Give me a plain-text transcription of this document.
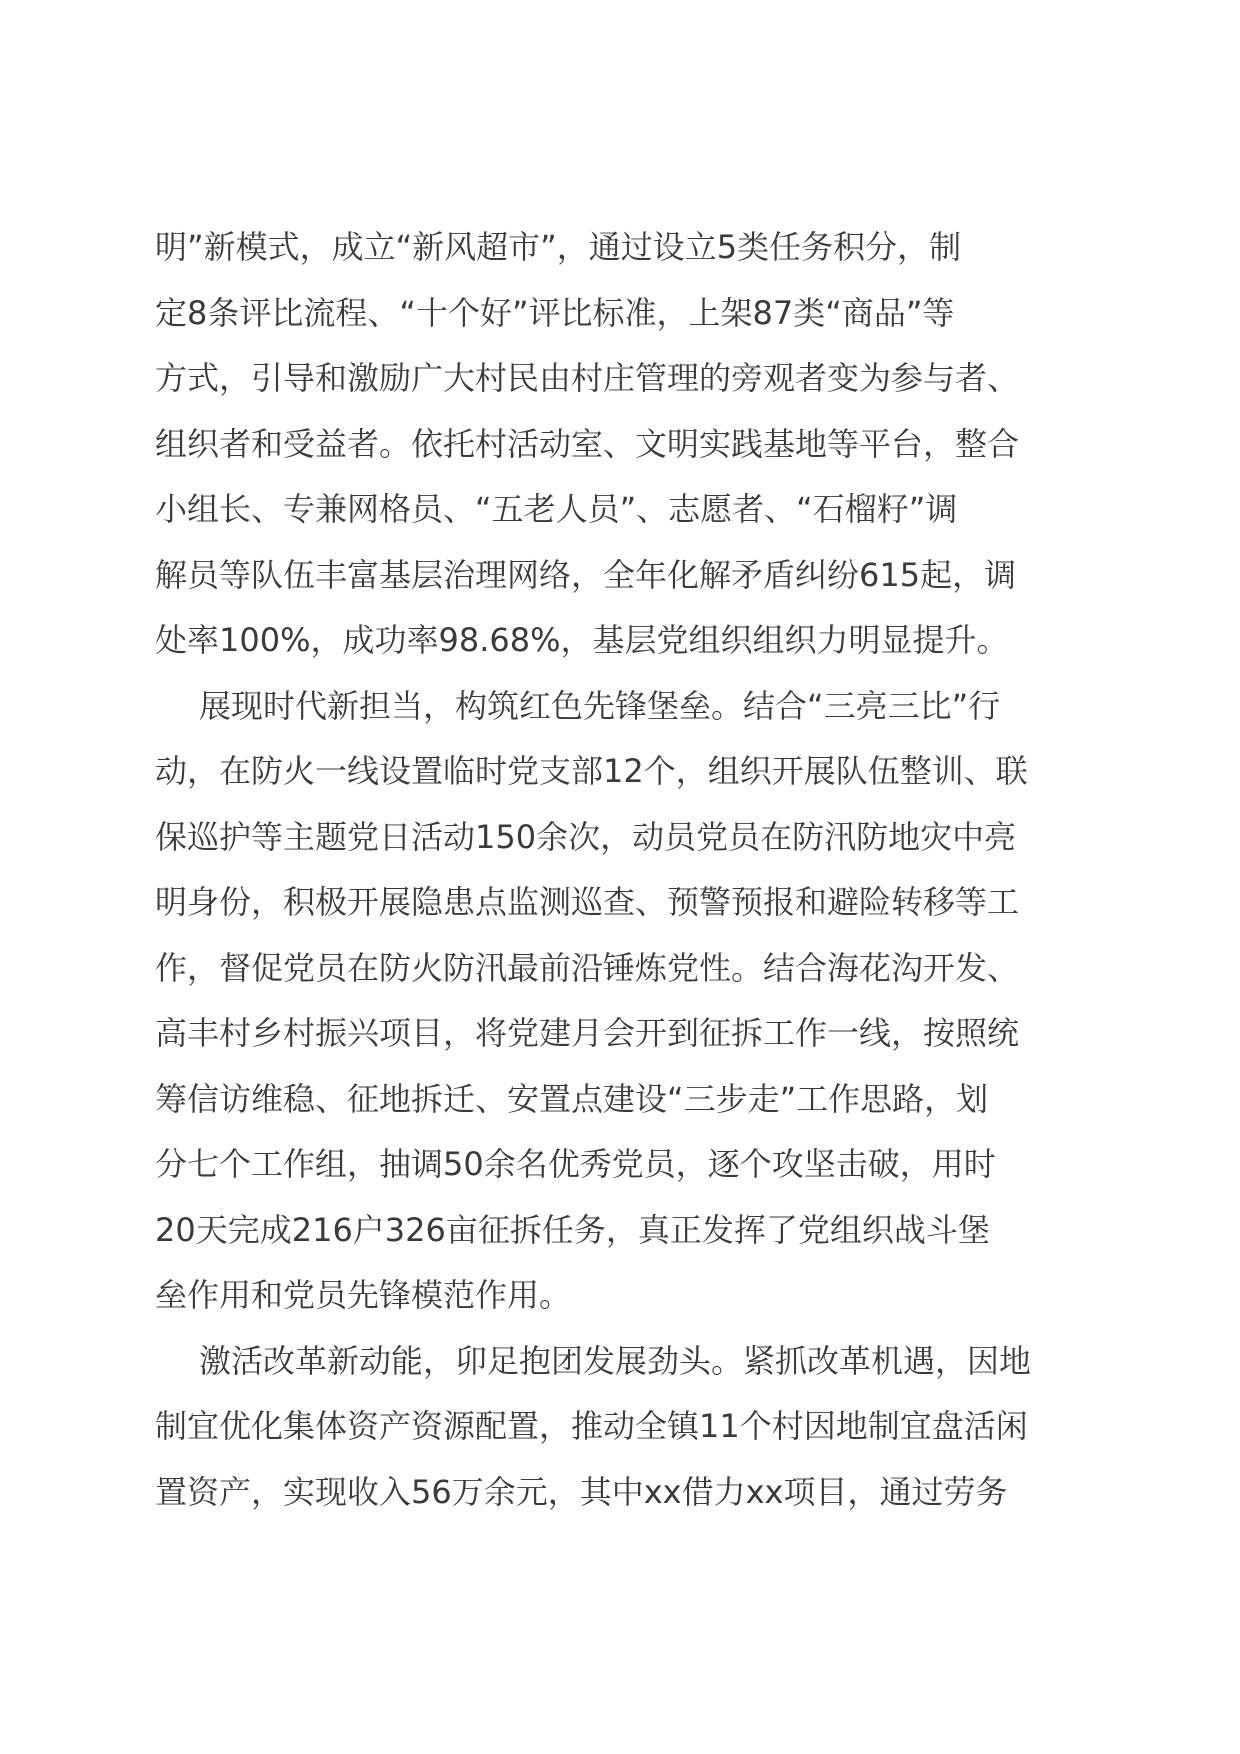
明”新模式，成立“新风超市”，通过设立5类任务积分，制
定8条评比流程、“十个好”评比标准，上架87类“商品”等
方式，引导和激励广大村民由村庄管理的旁观者变为参与者、
组织者和受益者。依托村活动室、文明实践基地等平台，整合
小组长、专兼网格员、“五老人员”、志愿者、“石榴籽”调
解员等队伍丰富基层治理网络，全年化解矛盾纠纷615起，调
处率100%，成功率98.68%，基层党组织组织力明显提升。
展现时代新担当，构筑红色先锋堡垒。结合“三亮三比”行
动，在防火一线设置临时党支部12个，组织开展队伍整训、联
保巡护等主题党日活动150余次，动员党员在防汛防地灾中亮
明身份，积极开展隐患点监测巡查、预警预报和避险转移等工
作，督促党员在防火防汛最前沿锤炼党性。结合海花沟开发、
高丰村乡村振兴项目，将党建月会开到征拆工作一线，按照统
筹信访维稳、征地拆迁、安置点建设“三步走”工作思路，划
分七个工作组，抽调50余名优秀党员，逐个攻坚击破，用时
20天完成216户326亩征拆任务，真正发挥了党组织战斗堡
垒作用和党员先锋模范作用。
激活改革新动能，卯足抱团发展劲头。紧抓改革机遇，因地
制宜优化集体资产资源配置，推动全镇11个村因地制宜盘活闲
置资产，实现收入56万余元，其中xx借力xx项目，通过劳务
